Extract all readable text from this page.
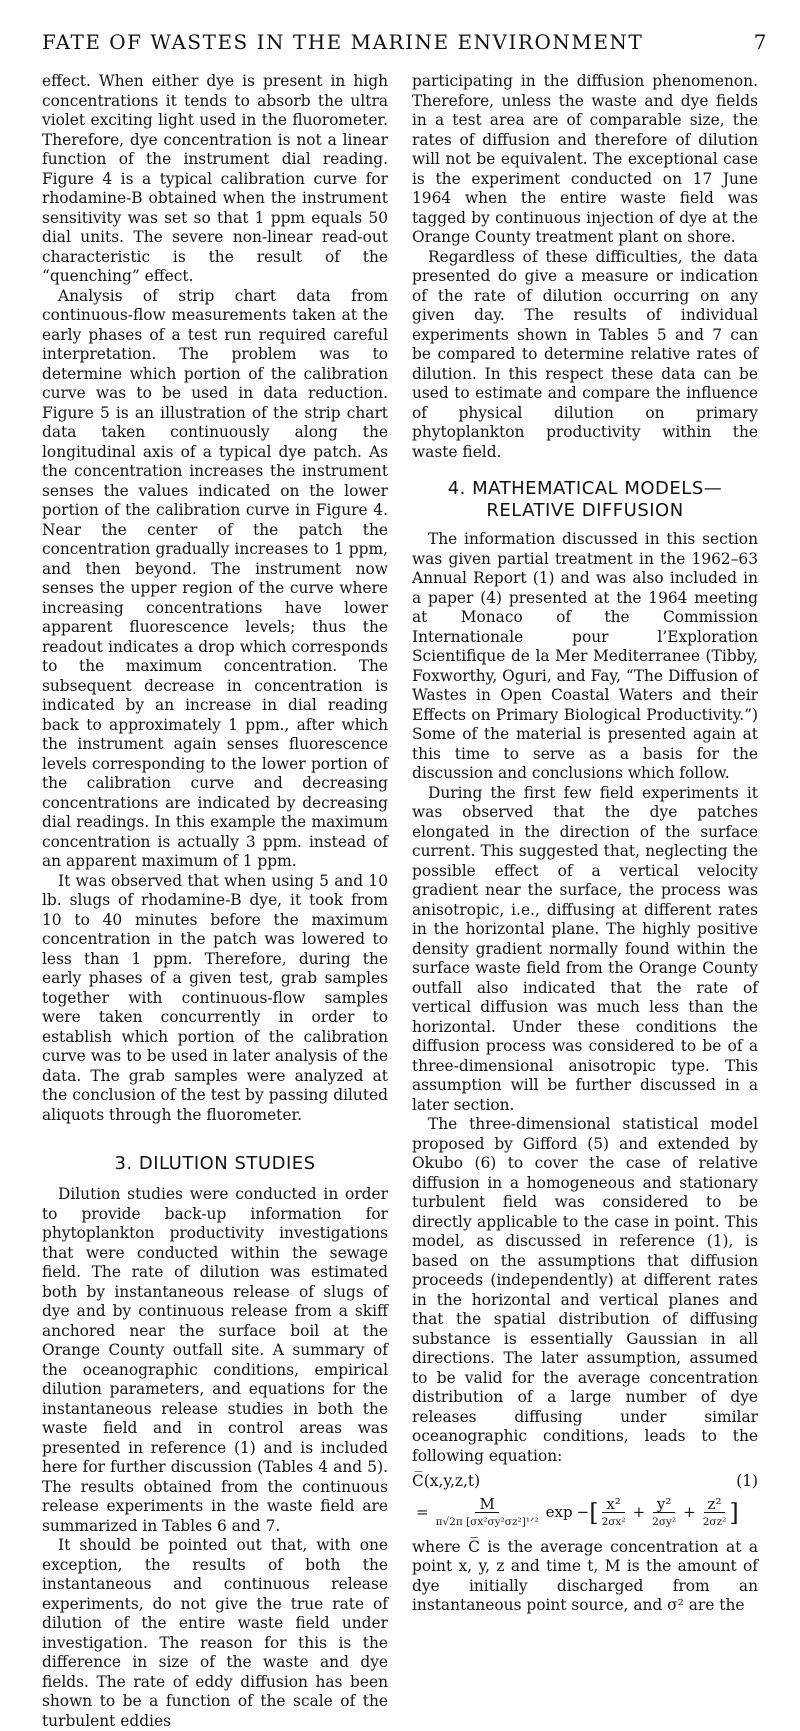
FATE OF WASTES IN THE MARINE ENVIRONMENT	7

effect. When either dye is present in high concentrations it tends to absorb the ultra violet exciting light used in the fluorometer. Therefore, dye concentration is not a linear function of the instrument dial reading. Figure 4 is a typical calibration curve for rhodamine-B obtained when the instrument sensitivity was set so that 1 ppm equals 50 dial units. The severe non-linear read-out characteristic is the result of the “quenching” effect.

Analysis of strip chart data from continuous-flow measurements taken at the early phases of a test run required careful interpretation. The problem was to determine which portion of the calibration curve was to be used in data reduction. Figure 5 is an illustration of the strip chart data taken continuously along the longitudinal axis of a typical dye patch. As the concentration increases the instrument senses the values indicated on the lower portion of the calibration curve in Figure 4. Near the center of the patch the concentration gradually increases to 1 ppm, and then beyond. The instrument now senses the upper region of the curve where increasing concentrations have lower apparent fluorescence levels; thus the readout indicates a drop which corresponds to the maximum concentration. The subsequent decrease in concentration is indicated by an increase in dial reading back to approximately 1 ppm., after which the instrument again senses fluorescence levels corresponding to the lower portion of the calibration curve and decreasing concentrations are indicated by decreasing dial readings. In this example the maximum concentration is actually 3 ppm. instead of an apparent maximum of 1 ppm.

It was observed that when using 5 and 10 lb. slugs of rhodamine-B dye, it took from 10 to 40 minutes before the maximum concentration in the patch was lowered to less than 1 ppm. Therefore, during the early phases of a given test, grab samples together with continuous-flow samples were taken concurrently in order to establish which portion of the calibration curve was to be used in later analysis of the data. The grab samples were analyzed at the conclusion of the test by passing diluted aliquots through the fluorometer.

3. DILUTION STUDIES

Dilution studies were conducted in order to provide back-up information for phytoplankton productivity investigations that were conducted within the sewage field. The rate of dilution was estimated both by instantaneous release of slugs of dye and by continuous release from a skiff anchored near the surface boil at the Orange County outfall site. A summary of the oceanographic conditions, empirical dilution parameters, and equations for the instantaneous release studies in both the waste field and in control areas was presented in reference (1) and is included here for further discussion (Tables 4 and 5). The results obtained from the continuous release experiments in the waste field are summarized in Tables 6 and 7.

It should be pointed out that, with one exception, the results of both the instantaneous and continuous release experiments, do not give the true rate of dilution of the entire waste field under investigation. The reason for this is the difference in size of the waste and dye fields. The rate of eddy diffusion has been shown to be a function of the scale of the turbulent eddies

participating in the diffusion phenomenon. Therefore, unless the waste and dye fields in a test area are of comparable size, the rates of diffusion and therefore of dilution will not be equivalent. The exceptional case is the experiment conducted on 17 June 1964 when the entire waste field was tagged by continuous injection of dye at the Orange County treatment plant on shore.

Regardless of these difficulties, the data presented do give a measure or indication of the rate of dilution occurring on any given day. The results of individual experiments shown in Tables 5 and 7 can be compared to determine relative rates of dilution. In this respect these data can be used to estimate and compare the influence of physical dilution on primary phytoplankton productivity within the waste field.

4. MATHEMATICAL MODELS—RELATIVE DIFFUSION

The information discussed in this section was given partial treatment in the 1962–63 Annual Report (1) and was also included in a paper (4) presented at the 1964 meeting at Monaco of the Commission Internationale pour l’Exploration Scientifique de la Mer Mediterranee (Tibby, Foxworthy, Oguri, and Fay, “The Diffusion of Wastes in Open Coastal Waters and their Effects on Primary Biological Productivity.”) Some of the material is presented again at this time to serve as a basis for the discussion and conclusions which follow.

During the first few field experiments it was observed that the dye patches elongated in the direction of the surface current. This suggested that, neglecting the possible effect of a vertical velocity gradient near the surface, the process was anisotropic, i.e., diffusing at different rates in the horizontal plane. The highly positive density gradient normally found within the surface waste field from the Orange County outfall also indicated that the rate of vertical diffusion was much less than the horizontal. Under these conditions the diffusion process was considered to be of a three-dimensional anisotropic type. This assumption will be further discussed in a later section.

The three-dimensional statistical model proposed by Gifford (5) and extended by Okubo (6) to cover the case of relative diffusion in a homogeneous and stationary turbulent field was considered to be directly applicable to the case in point. This model, as discussed in reference (1), is based on the assumptions that diffusion proceeds (independently) at different rates in the horizontal and vertical planes and that the spatial distribution of diffusing substance is essentially Gaussian in all directions. The later assumption, assumed to be valid for the average concentration distribution of a large number of dye releases diffusing under similar oceanographic conditions, leads to the following equation:

C̅(x,y,z,t)	(1)
= $\frac{M}{\text{π√2π [σx²σy²σz²]¹ᐟ²}}$ exp − [ $\frac{\text{x²}}{\text{2σx²}} + \frac{\text{y²}}{\text{2σy²}} + \frac{\text{z²}}{\text{2σz²}}$ ]

where C̅ is the average concentration at a point x, y, z and time t, M is the amount of dye initially discharged from an instantaneous point source, and σ² are the
